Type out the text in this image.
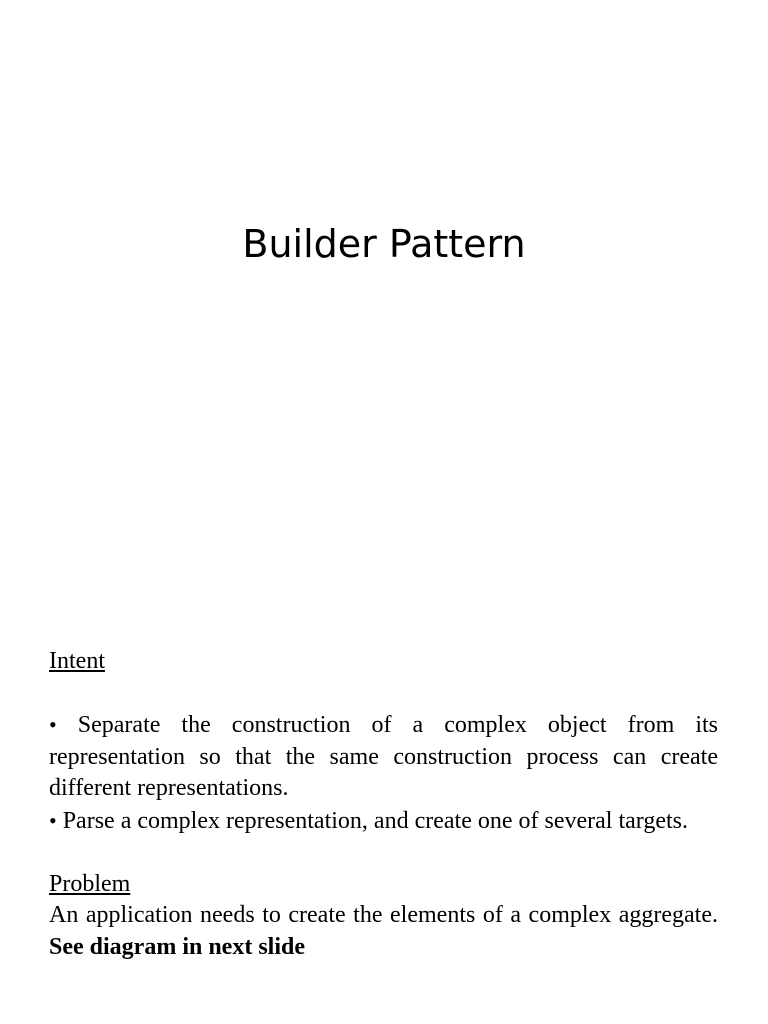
Builder Pattern
Intent

• Separate the construction of a complex object from its representation so that the same construction process can create different representations.

• Parse a complex representation, and create one of several targets.

Problem

An application needs to create the elements of a complex aggregate. See diagram in next slide
